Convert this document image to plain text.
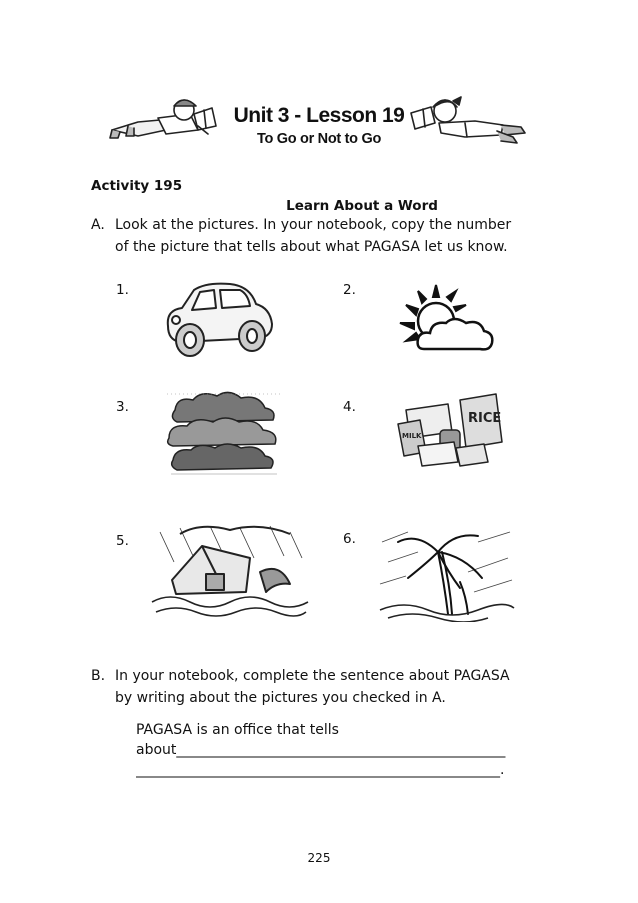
Unit 3 - Lesson 19
To Go or Not to Go
Activity 195
Learn About a Word
A. Look at the pictures. In your notebook, copy the number
of the picture that tells about what PAGASA let us know.
1.	2.
3.	4.
5.	6.
RICE
MILK
B. In your notebook, complete the sentence about PAGASA
by writing about the pictures you checked in A.
PAGASA is an office that tells
about_______________________________________________
____________________________________________________.
225
